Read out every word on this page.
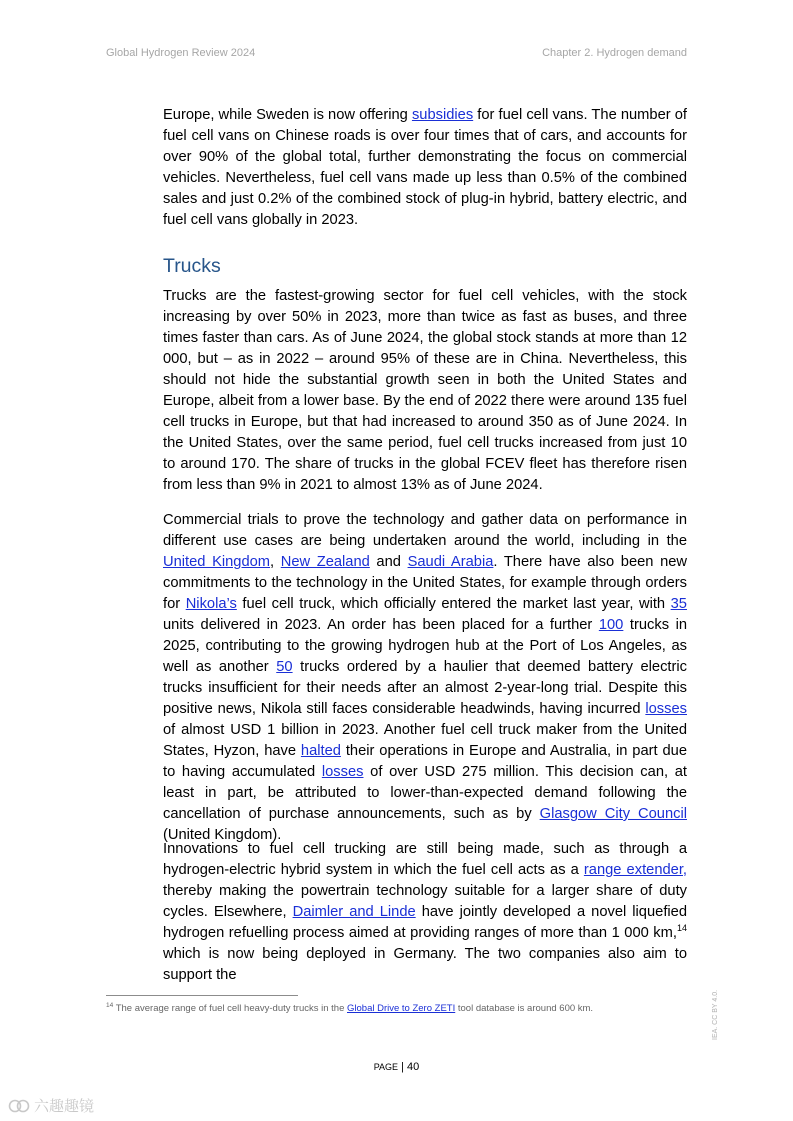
Global Hydrogen Review 2024	Chapter 2. Hydrogen demand

Europe, while Sweden is now offering subsidies for fuel cell vans. The number of fuel cell vans on Chinese roads is over four times that of cars, and accounts for over 90% of the global total, further demonstrating the focus on commercial vehicles. Nevertheless, fuel cell vans made up less than 0.5% of the combined sales and just 0.2% of the combined stock of plug-in hybrid, battery electric, and fuel cell vans globally in 2023.

Trucks

Trucks are the fastest-growing sector for fuel cell vehicles, with the stock increasing by over 50% in 2023, more than twice as fast as buses, and three times faster than cars. As of June 2024, the global stock stands at more than 12 000, but – as in 2022 – around 95% of these are in China. Nevertheless, this should not hide the substantial growth seen in both the United States and Europe, albeit from a lower base. By the end of 2022 there were around 135 fuel cell trucks in Europe, but that had increased to around 350 as of June 2024. In the United States, over the same period, fuel cell trucks increased from just 10 to around 170. The share of trucks in the global FCEV fleet has therefore risen from less than 9% in 2021 to almost 13% as of June 2024.

Commercial trials to prove the technology and gather data on performance in different use cases are being undertaken around the world, including in the United Kingdom, New Zealand and Saudi Arabia. There have also been new commitments to the technology in the United States, for example through orders for Nikola’s fuel cell truck, which officially entered the market last year, with 35 units delivered in 2023. An order has been placed for a further 100 trucks in 2025, contributing to the growing hydrogen hub at the Port of Los Angeles, as well as another 50 trucks ordered by a haulier that deemed battery electric trucks insufficient for their needs after an almost 2-year-long trial. Despite this positive news, Nikola still faces considerable headwinds, having incurred losses of almost USD 1 billion in 2023. Another fuel cell truck maker from the United States, Hyzon, have halted their operations in Europe and Australia, in part due to having accumulated losses of over USD 275 million. This decision can, at least in part, be attributed to lower-than-expected demand following the cancellation of purchase announcements, such as by Glasgow City Council (United Kingdom).

Innovations to fuel cell trucking are still being made, such as through a hydrogen-electric hybrid system in which the fuel cell acts as a range extender, thereby making the powertrain technology suitable for a larger share of duty cycles. Elsewhere, Daimler and Linde have jointly developed a novel liquefied hydrogen refuelling process aimed at providing ranges of more than 1 000 km,$^{14}$ which is now being deployed in Germany. The two companies also aim to support the

$^{14}$ The average range of fuel cell heavy-duty trucks in the Global Drive to Zero ZETI tool database is around 600 km.
PAGE | 40
IEA. CC BY 4.0.
六趣趣镜
